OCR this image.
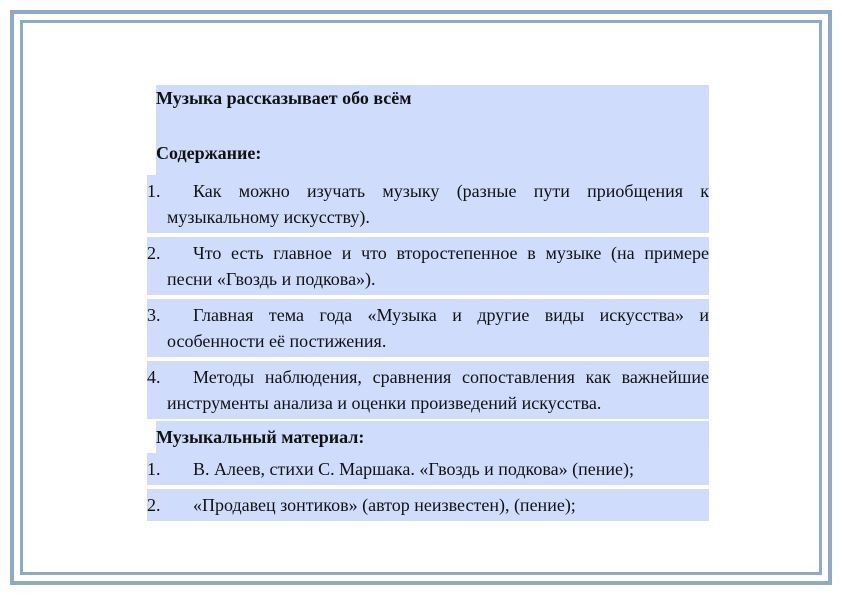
Музыка рассказывает обо всём
Содержание:
1. Как можно изучать музыку (разные пути приобщения к музыкальному искусству).
2. Что есть главное и что второстепенное в музыке (на примере песни «Гвоздь и подкова»).
3. Главная тема года «Музыка и другие виды искусства» и особенности её постижения.
4. Методы наблюдения, сравнения сопоставления как важнейшие инструменты анализа и оценки произведений искусства.
Музыкальный материал:
1. В. Алеев, стихи С. Маршака. «Гвоздь и подкова» (пение);
2. «Продавец зонтиков» (автор неизвестен), (пение);
